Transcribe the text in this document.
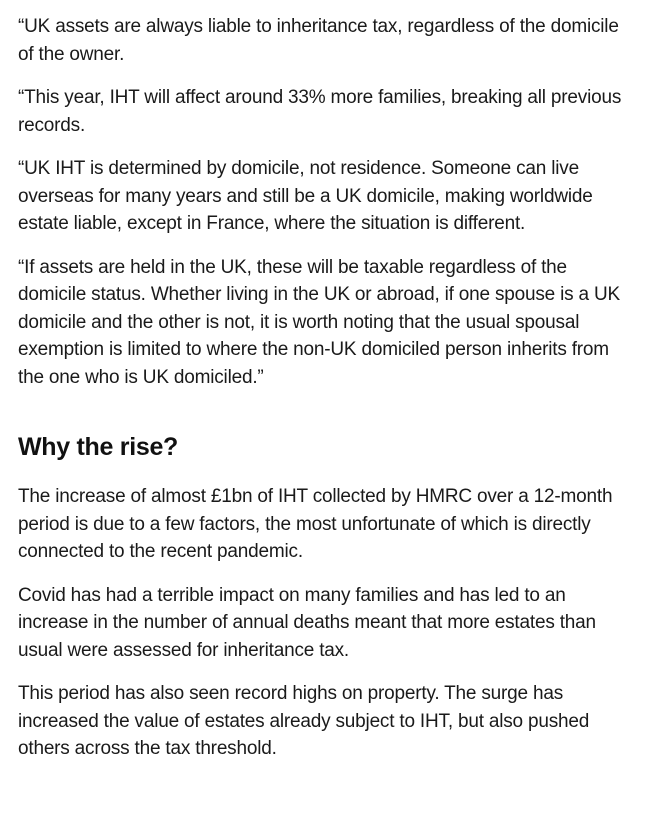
“UK assets are always liable to inheritance tax, regardless of the domicile of the owner.

“This year, IHT will affect around 33% more families, breaking all previous records.

“UK IHT is determined by domicile, not residence. Someone can live overseas for many years and still be a UK domicile, making worldwide estate liable, except in France, where the situation is different.

“If assets are held in the UK, these will be taxable regardless of the domicile status. Whether living in the UK or abroad, if one spouse is a UK domicile and the other is not, it is worth noting that the usual spousal exemption is limited to where the non-UK domiciled person inherits from the one who is UK domiciled.”

Why the rise?

The increase of almost £1bn of IHT collected by HMRC over a 12-month period is due to a few factors, the most unfortunate of which is directly connected to the recent pandemic.

Covid has had a terrible impact on many families and has led to an increase in the number of annual deaths meant that more estates than usual were assessed for inheritance tax.

This period has also seen record highs on property. The surge has increased the value of estates already subject to IHT, but also pushed others across the tax threshold.
